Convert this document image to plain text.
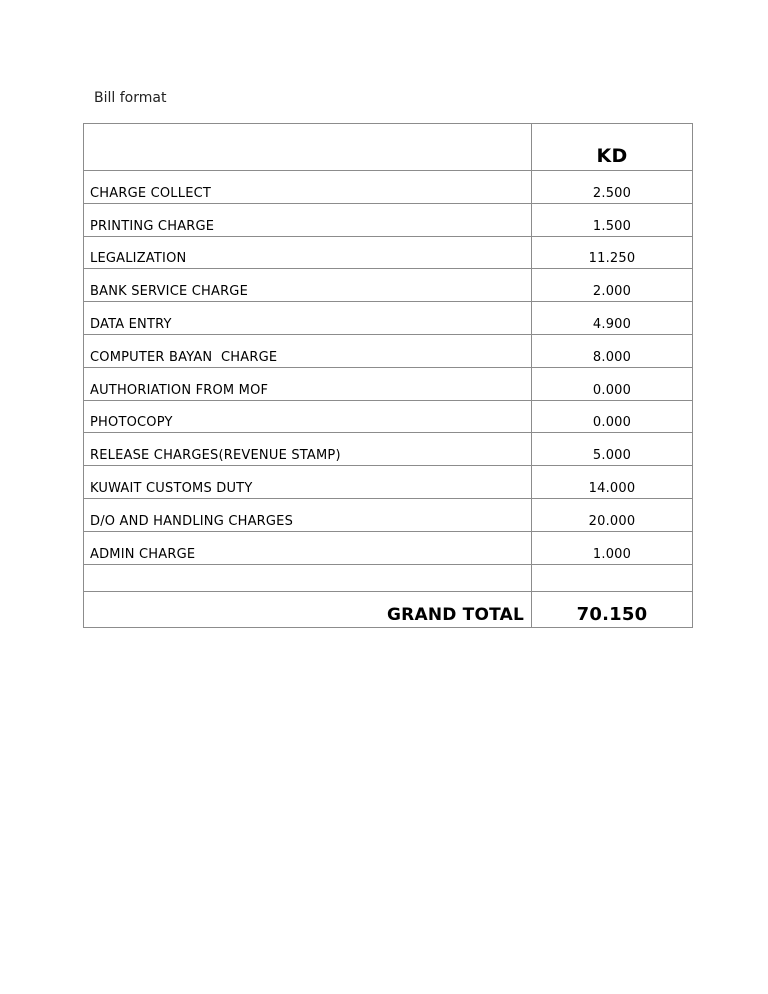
Bill format
	KD
CHARGE COLLECT	2.500
PRINTING CHARGE	1.500
LEGALIZATION	11.250
BANK SERVICE CHARGE	2.000
DATA ENTRY	4.900
COMPUTER BAYAN  CHARGE	8.000
AUTHORIATION FROM MOF	0.000
PHOTOCOPY	0.000
RELEASE CHARGES(REVENUE STAMP)	5.000
KUWAIT CUSTOMS DUTY	14.000
D/O AND HANDLING CHARGES	20.000
ADMIN CHARGE	1.000

GRAND TOTAL	70.150
